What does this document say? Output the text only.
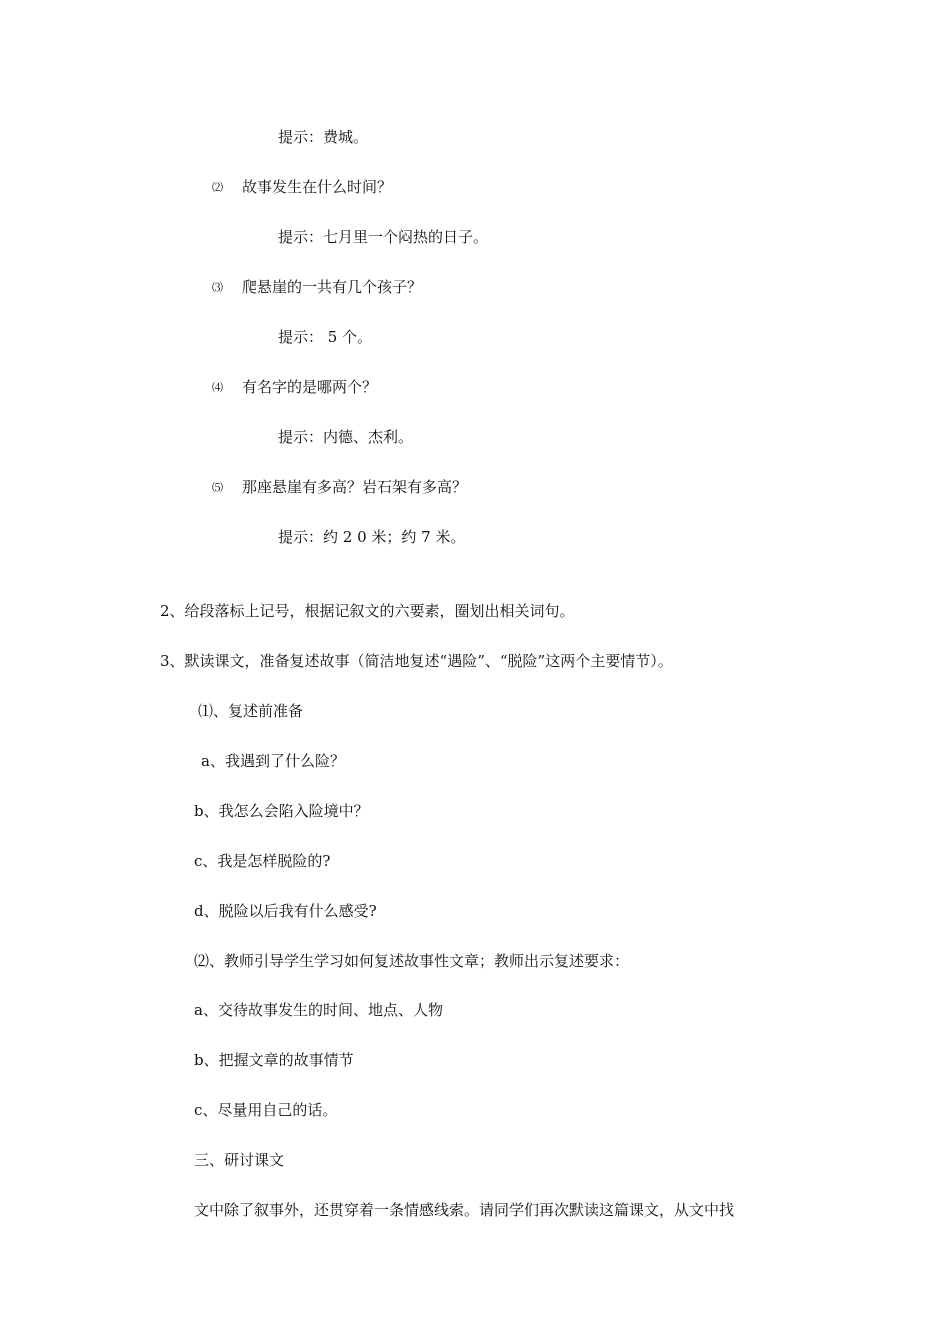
提示：费城。
⑵ 故事发生在什么时间？
提示：七月里一个闷热的日子。
⑶ 爬悬崖的一共有几个孩子？
提示： 5 个。
⑷ 有名字的是哪两个？
提示：内德、杰利。
⑸ 那座悬崖有多高？岩石架有多高？
提示：约 2 0 米；约 7 米。
2、给段落标上记号，根据记叙文的六要素，圈划出相关词句。
3、默读课文，准备复述故事（简洁地复述“遇险”、“脱险”这两个主要情节）。
⑴、复述前准备
a、我遇到了什么险？
b、我怎么会陷入险境中？
c、我是怎样脱险的?
d、脱险以后我有什么感受?
⑵、教师引导学生学习如何复述故事性文章；教师出示复述要求：
a、交待故事发生的时间、地点、人物
b、把握文章的故事情节
c、尽量用自己的话。
三、研讨课文
文中除了叙事外，还贯穿着一条情感线索。请同学们再次默读这篇课文，从文中找
